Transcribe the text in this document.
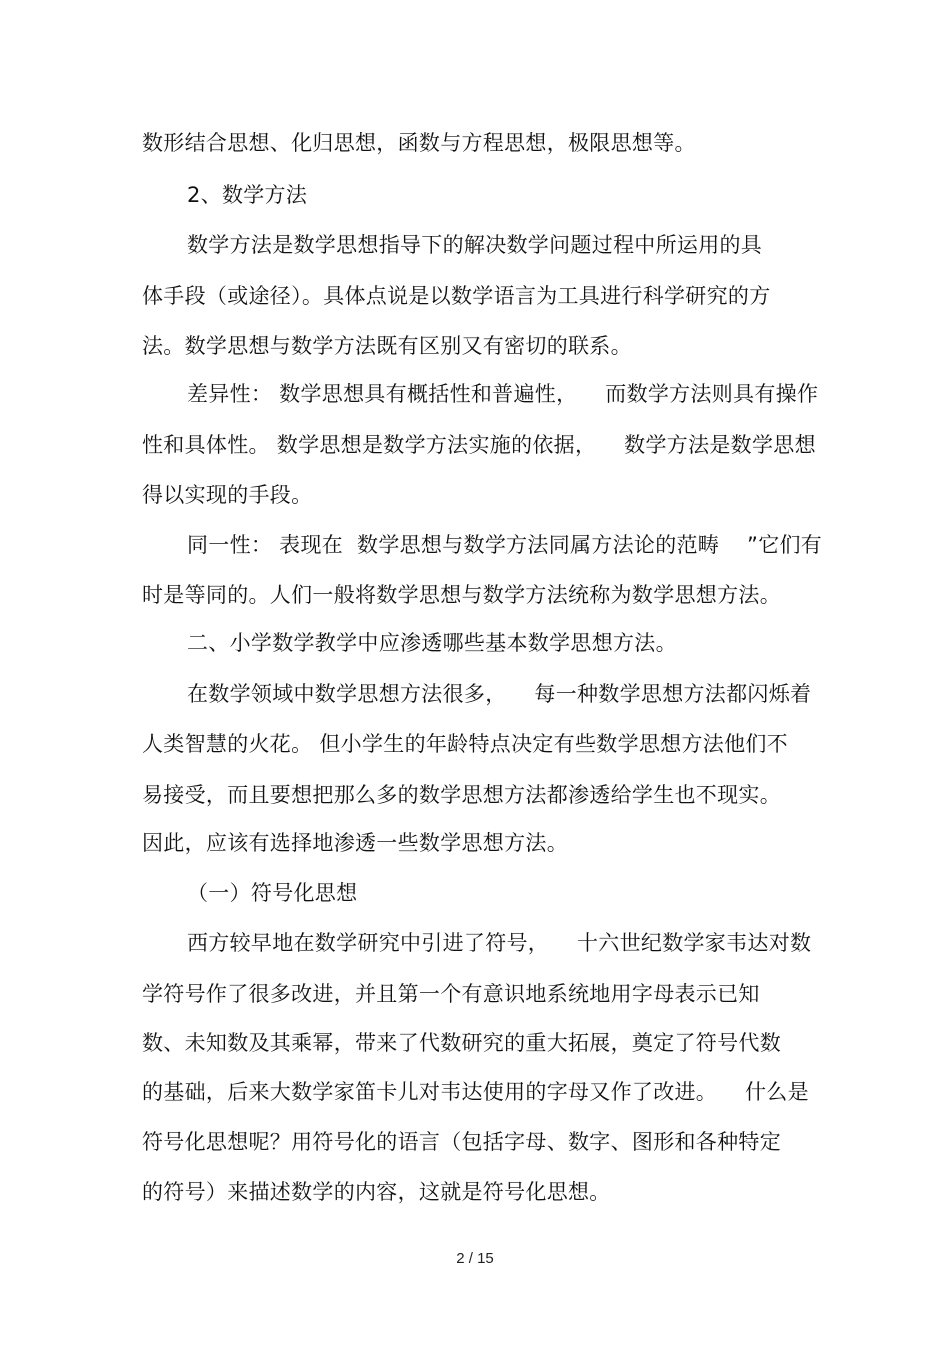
数形结合思想、化归思想，函数与方程思想，极限思想等。
2、数学方法
数学方法是数学思想指导下的解决数学问题过程中所运用的具
体手段（或途径）。具体点说是以数学语言为工具进行科学研究的方
法。数学思想与数学方法既有区别又有密切的联系。
差异性： 数学思想具有概括性和普遍性，    而数学方法则具有操作
性和具体性。 数学思想是数学方法实施的依据，    数学方法是数学思想
得以实现的手段。
同一性： 表现在  数学思想与数学方法同属方法论的范畴    ”它们有
时是等同的。人们一般将数学思想与数学方法统称为数学思想方法。
二、小学数学教学中应渗透哪些基本数学思想方法。
在数学领域中数学思想方法很多，    每一种数学思想方法都闪烁着
人类智慧的火花。 但小学生的年龄特点决定有些数学思想方法他们不
易接受，而且要想把那么多的数学思想方法都渗透给学生也不现实。
因此，应该有选择地渗透一些数学思想方法。
（一）符号化思想
西方较早地在数学研究中引进了符号，    十六世纪数学家韦达对数
学符号作了很多改进，并且第一个有意识地系统地用字母表示已知
数、未知数及其乘幂，带来了代数研究的重大拓展，奠定了符号代数
的基础，后来大数学家笛卡儿对韦达使用的字母又作了改进。    什么是
符号化思想呢？用符号化的语言（包括字母、数字、图形和各种特定
的符号）来描述数学的内容，这就是符号化思想。
2 / 15
